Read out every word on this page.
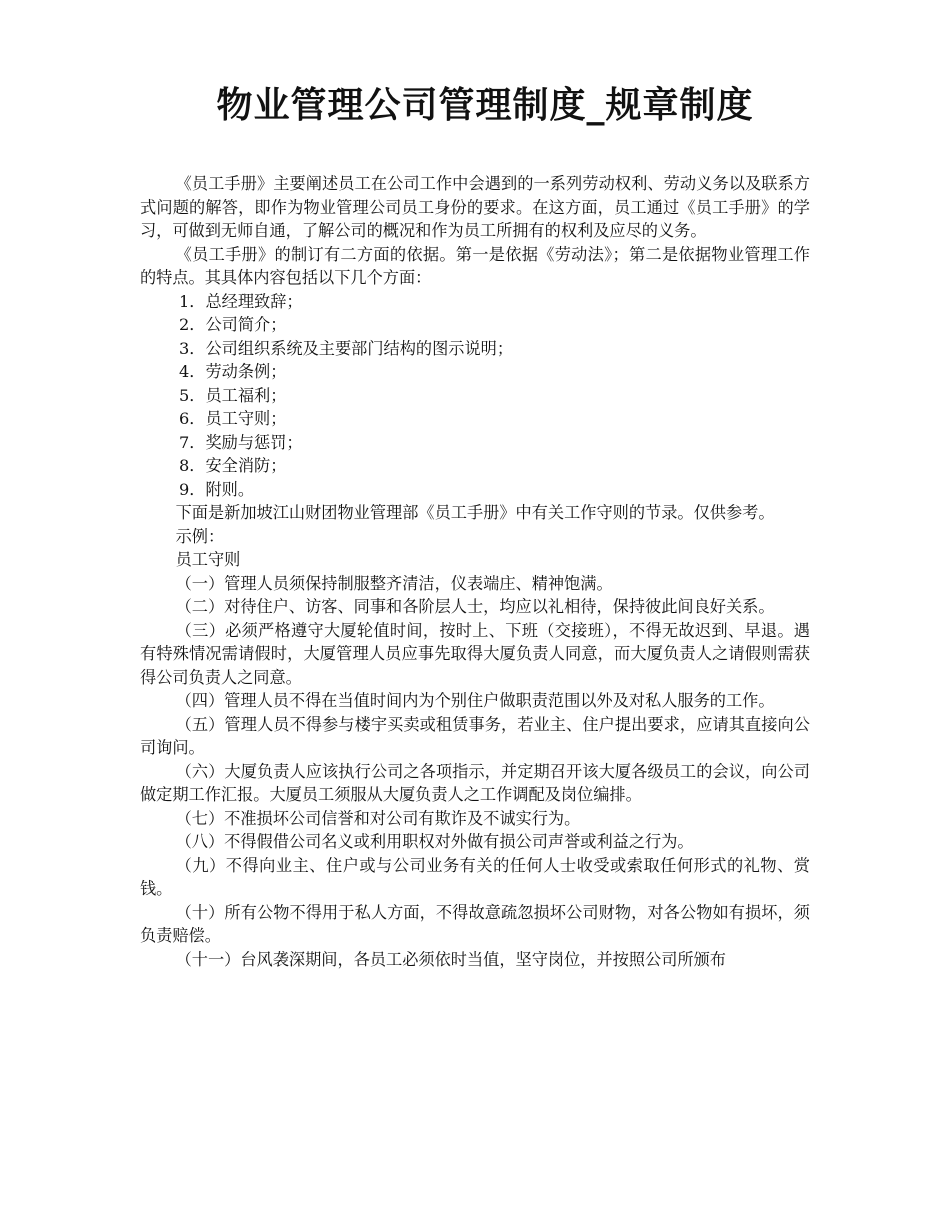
物业管理公司管理制度_规章制度

《员工手册》主要阐述员工在公司工作中会遇到的一系列劳动权利、劳动义务以及联系方式问题的解答，即作为物业管理公司员工身份的要求。在这方面，员工通过《员工手册》的学习，可做到无师自通，了解公司的概况和作为员工所拥有的权利及应尽的义务。

《员工手册》的制订有二方面的依据。第一是依据《劳动法》；第二是依据物业管理工作的特点。其具体内容包括以下几个方面：

1．总经理致辞；

2．公司简介；

3．公司组织系统及主要部门结构的图示说明；

4．劳动条例；

5．员工福利；

6．员工守则；

7．奖励与惩罚；

8．安全消防；

9．附则。

下面是新加坡江山财团物业管理部《员工手册》中有关工作守则的节录。仅供参考。

示例：

员工守则

（一）管理人员须保持制服整齐清洁，仪表端庄、精神饱满。

（二）对待住户、访客、同事和各阶层人士，均应以礼相待，保持彼此间良好关系。

（三）必须严格遵守大厦轮值时间，按时上、下班（交接班），不得无故迟到、早退。遇有特殊情况需请假时，大厦管理人员应事先取得大厦负责人同意，而大厦负责人之请假则需获得公司负责人之同意。

（四）管理人员不得在当值时间内为个别住户做职责范围以外及对私人服务的工作。

（五）管理人员不得参与楼宇买卖或租赁事务，若业主、住户提出要求，应请其直接向公司询问。

（六）大厦负责人应该执行公司之各项指示，并定期召开该大厦各级员工的会议，向公司做定期工作汇报。大厦员工须服从大厦负责人之工作调配及岗位编排。

（七）不准损坏公司信誉和对公司有欺诈及不诚实行为。

（八）不得假借公司名义或利用职权对外做有损公司声誉或利益之行为。

（九）不得向业主、住户或与公司业务有关的任何人士收受或索取任何形式的礼物、赏钱。

（十）所有公物不得用于私人方面，不得故意疏忽损坏公司财物，对各公物如有损坏，须负责赔偿。

（十一）台风袭深期间，各员工必须依时当值，坚守岗位，并按照公司所颁布
